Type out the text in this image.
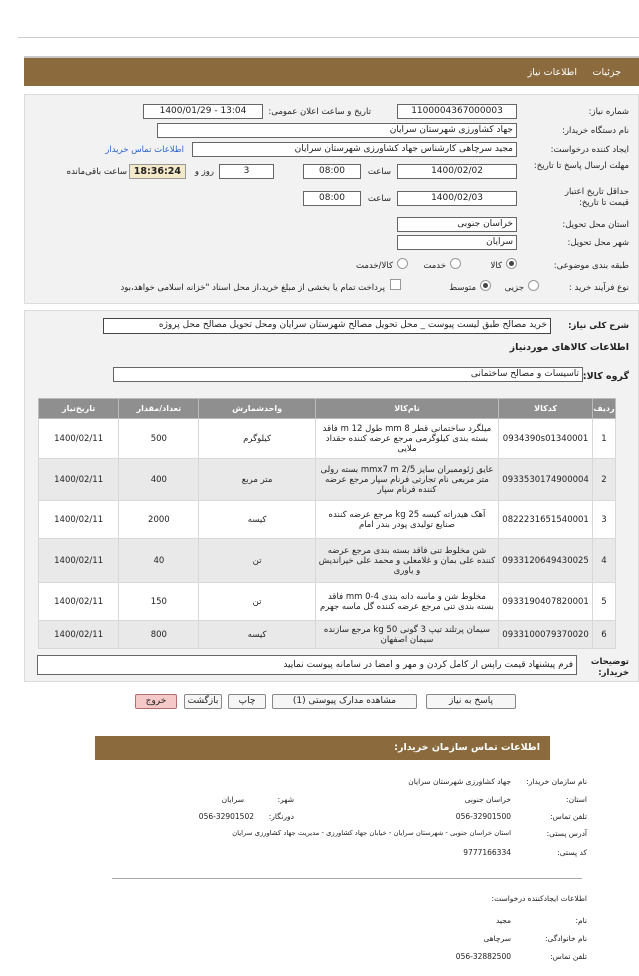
جزئیات
اطلاعات نیاز
شماره نیاز:
1100004367000003
تاریخ و ساعت اعلان عمومی:
1400/01/29 - 13:04
نام دستگاه خریدار:
جهاد کشاورزی شهرستان سرایان
ایجاد کننده درخواست:
مجید سرچاهی کارشناس جهاد کشاورزی شهرستان سرایان
اطلاعات تماس خریدار
مهلت ارسال پاسخ تا تاریخ:
1400/02/02
ساعت
08:00
3
روز و
18:36:24
ساعت باقی‌مانده
حداقل تاریخ اعتبار قیمت تا تاریخ:
1400/02/03
ساعت
08:00
استان محل تحویل:
خراسان جنوبی
شهر محل تحویل:
سرایان
طبقه بندی موضوعی:
کالا
خدمت
کالا/خدمت
نوع فرآیند خرید :
جزیی
متوسط
پرداخت تمام یا بخشی از مبلغ خرید،از محل اسناد "خزانه اسلامی خواهد،بود
شرح کلی نیاز:
خرید مصالح طبق لیست پیوست _ محل تحویل مصالح شهرستان سرایان ومحل تحویل مصالح محل پروژه
اطلاعات کالاهای موردنیاز
گروه کالا:
تاسیسات و مصالح ساختمانی
ردیف	کدکالا	نام‌کالا	واحدشمارش	تعداد/مقدار	تاریخ‌نیاز
1	0934390s01340001	میلگرد ساختمانی قطر 8 mm طول 12 m فاقد بسته بندی کیلوگرمی مرجع عرضه کننده حقداد ملایی	کیلوگرم	500	1400/02/11
2	0933530174900004	عایق ژئوممبران سایز 2/5 mmx7 m بسته رولی متر مربعی نام تجارتی فرنام سپار مرجع عرضه کننده فرنام سپار	متر مربع	400	1400/02/11
3	0822231651540001	آهک هیدراته کیسه 25 kg مرجع عرضه کننده صنایع تولیدی پودر بندر امام	کیسه	2000	1400/02/11
4	0933120649430025	شن مخلوط تنی فاقد بسته بندی مرجع عرضه کننده علی بمان و غلامعلی و محمد علی خیرانديش و یاوری	تن	40	1400/02/11
5	0933190407820001	مخلوط شن و ماسه دانه بندی mm 0-4 فاقد بسته بندی تنی مرجع عرضه کننده گل ماسه جهرم	تن	150	1400/02/11
6	0933100079370020	سیمان پرتلند تیپ 3 گونی 50 kg مرجع سازنده سیمان اصفهان	کیسه	800	1400/02/11
توضیحات خریدار:
فرم پیشنهاد قیمت راپس از کامل کردن و مهر و امضا در سامانه پیوست نمایید
پاسخ به نیاز
مشاهده مدارک پیوستی (1)
چاپ
بازگشت
خروج
اطلاعات تماس سازمان خریدار:
نام سازمان خریدار:
جهاد کشاورزی شهرستان سرایان
استان:
خراسان جنوبی
شهر:
سرایان
تلفن تماس:
056-32901500
دورنگار:
056-32901502
آدرس پستی:
استان خراسان جنوبی - شهرستان سرایان - خیابان جهاد کشاورزی - مدیریت جهاد کشاورزی سرایان
کد پستی:
9777166334
اطلاعات ایجادکننده درخواست:
نام:
مجید
نام خانوادگی:
سرچاهی
تلفن تماس:
056-32882500
